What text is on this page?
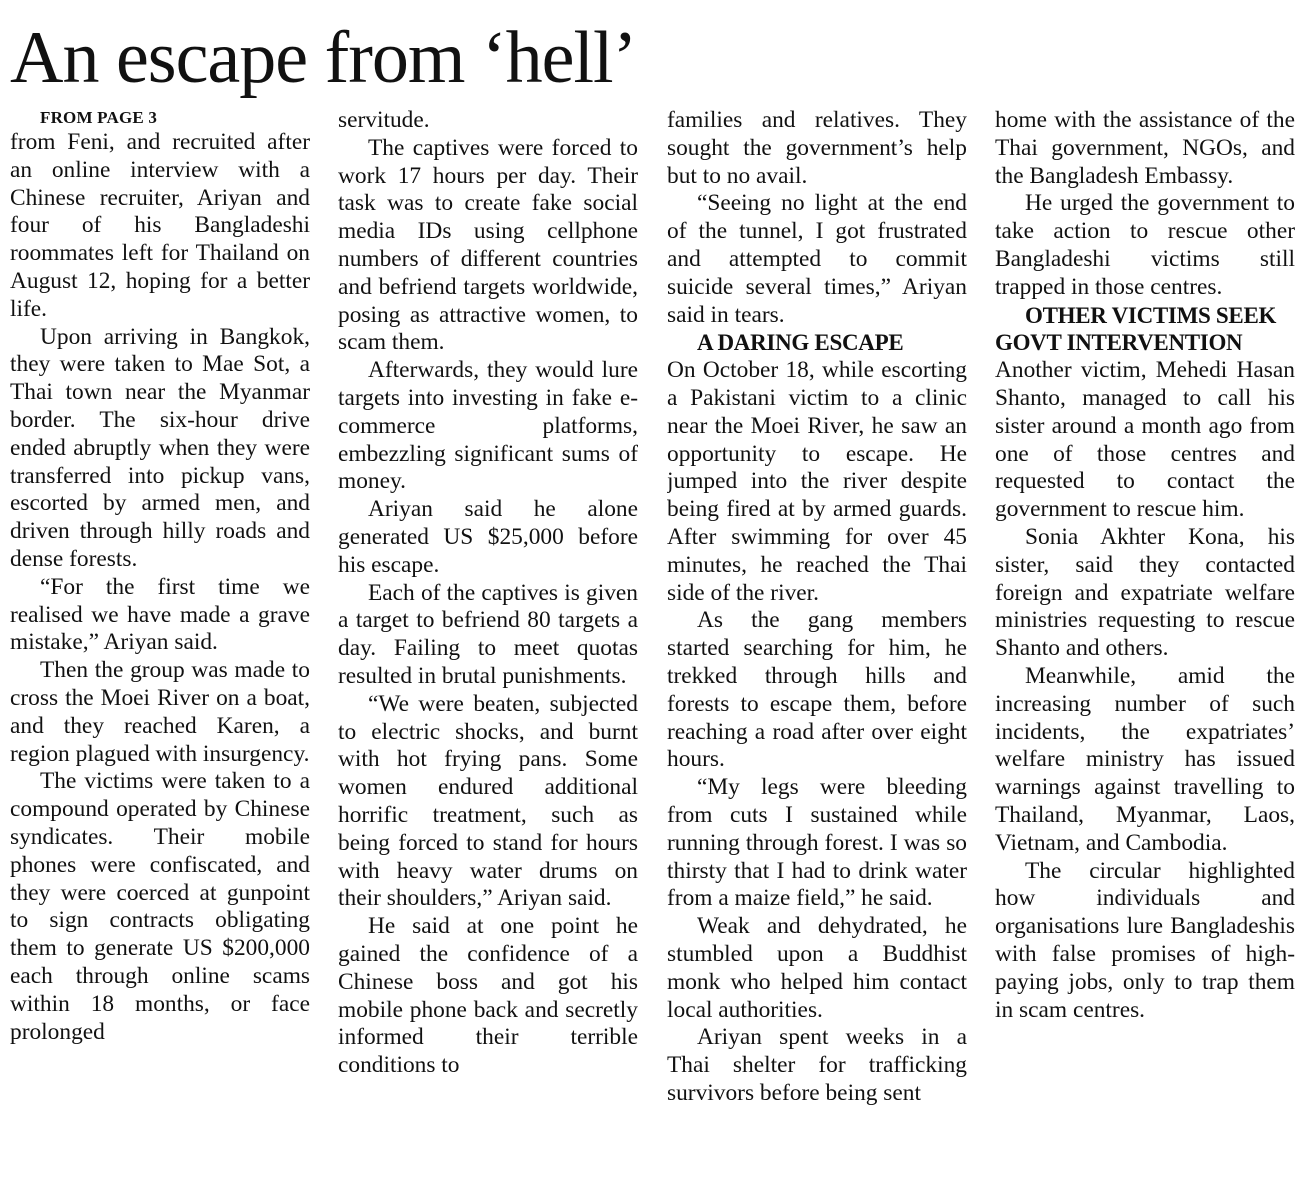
An escape from ‘hell’

FROM PAGE 3

from Feni, and recruited after an online interview with a Chinese recruiter, Ariyan and four of his Bangladeshi roommates left for Thailand on August 12, hoping for a better life.

Upon arriving in Bangkok, they were taken to Mae Sot, a Thai town near the Myanmar border. The six-hour drive ended abruptly when they were transferred into pickup vans, escorted by armed men, and driven through hilly roads and dense forests.

“For the first time we realised we have made a grave mistake,” Ariyan said.

Then the group was made to cross the Moei River on a boat, and they reached Karen, a region plagued with insurgency.

The victims were taken to a compound operated by Chinese syndicates. Their mobile phones were confiscated, and they were coerced at gunpoint to sign contracts obligating them to generate US $200,000 each through online scams within 18 months, or face prolonged

servitude.

The captives were forced to work 17 hours per day. Their task was to create fake social media IDs using cellphone numbers of different countries and befriend targets worldwide, posing as attractive women, to scam them.

Afterwards, they would lure targets into investing in fake e-commerce platforms, embezzling significant sums of money.

Ariyan said he alone generated US $25,000 before his escape.

Each of the captives is given a target to befriend 80 targets a day. Failing to meet quotas resulted in brutal punishments.

“We were beaten, subjected to electric shocks, and burnt with hot frying pans. Some women endured additional horrific treatment, such as being forced to stand for hours with heavy water drums on their shoulders,” Ariyan said.

He said at one point he gained the confidence of a Chinese boss and got his mobile phone back and secretly informed their terrible conditions to

families and relatives. They sought the government’s help but to no avail.

“Seeing no light at the end of the tunnel, I got frustrated and attempted to commit suicide several times,” Ariyan said in tears.

A DARING ESCAPE

On October 18, while escorting a Pakistani victim to a clinic near the Moei River, he saw an opportunity to escape. He jumped into the river despite being fired at by armed guards. After swimming for over 45 minutes, he reached the Thai side of the river.

As the gang members started searching for him, he trekked through hills and forests to escape them, before reaching a road after over eight hours.

“My legs were bleeding from cuts I sustained while running through forest. I was so thirsty that I had to drink water from a maize field,” he said.

Weak and dehydrated, he stumbled upon a Buddhist monk who helped him contact local authorities.

Ariyan spent weeks in a Thai shelter for trafficking survivors before being sent

home with the assistance of the Thai government, NGOs, and the Bangladesh Embassy.

He urged the government to take action to rescue other Bangladeshi victims still trapped in those centres.

OTHER VICTIMS SEEK GOVT INTERVENTION

Another victim, Mehedi Hasan Shanto, managed to call his sister around a month ago from one of those centres and requested to contact the government to rescue him.

Sonia Akhter Kona, his sister, said they contacted foreign and expatriate welfare ministries requesting to rescue Shanto and others.

Meanwhile, amid the increasing number of such incidents, the expatriates’ welfare ministry has issued warnings against travelling to Thailand, Myanmar, Laos, Vietnam, and Cambodia.

The circular highlighted how individuals and organisations lure Bangladeshis with false promises of high-paying jobs, only to trap them in scam centres.
